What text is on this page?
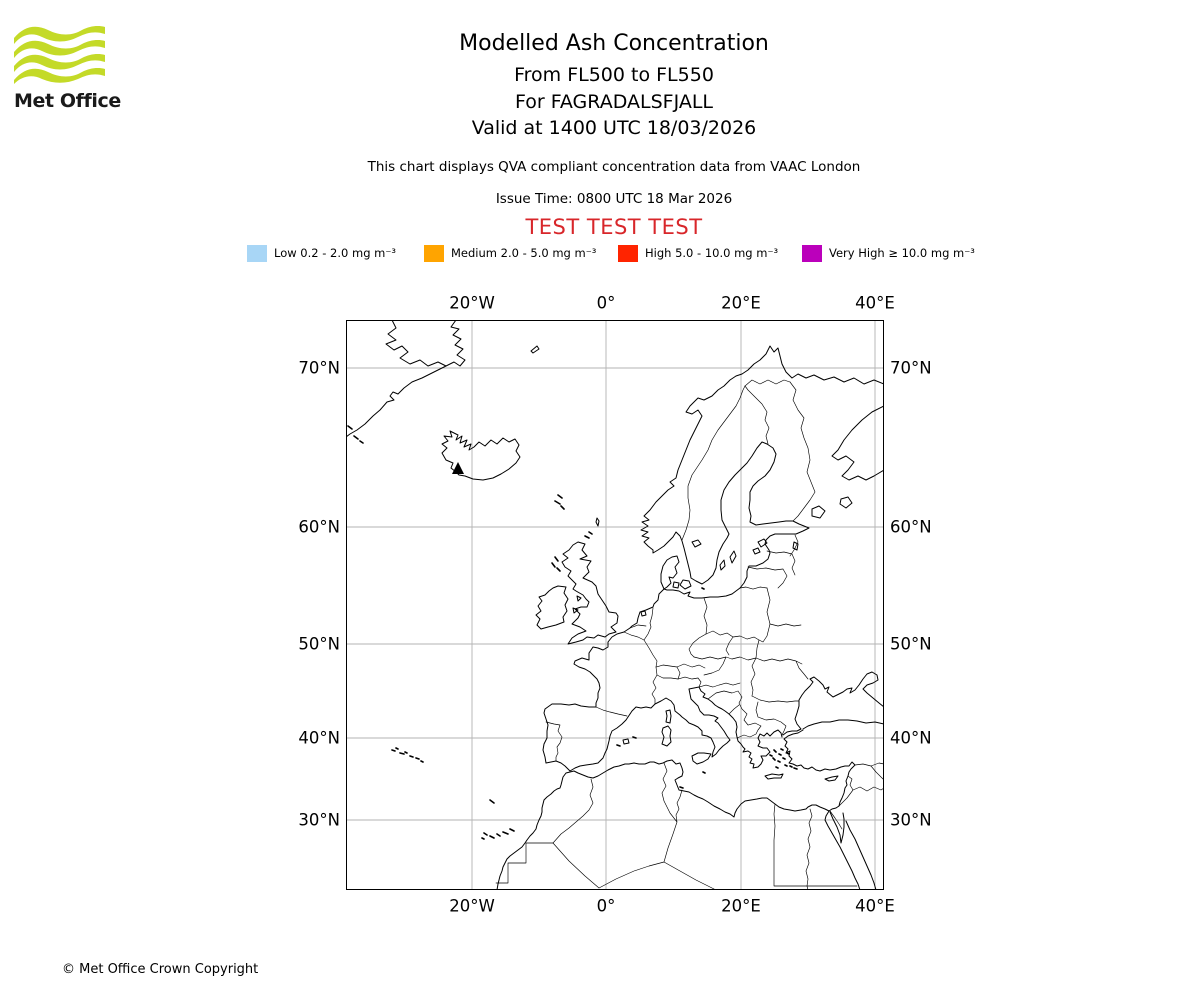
Met Office
Modelled Ash Concentration
From FL500 to FL550
For FAGRADALSFJALL
Valid at 1400 UTC 18/03/2026
This chart displays QVA compliant concentration data from VAAC London
Issue Time: 0800 UTC 18 Mar 2026
TEST TEST TEST
Low 0.2 - 2.0 mg m⁻³	Medium 2.0 - 5.0 mg m⁻³	High 5.0 - 10.0 mg m⁻³	Very High ≥ 10.0 mg m⁻³
20°W	0°	20°E	40°E
20°W	0°	20°E	40°E
70°N
60°N
50°N
40°N
30°N
70°N
60°N
50°N
40°N
30°N
© Met Office Crown Copyright
